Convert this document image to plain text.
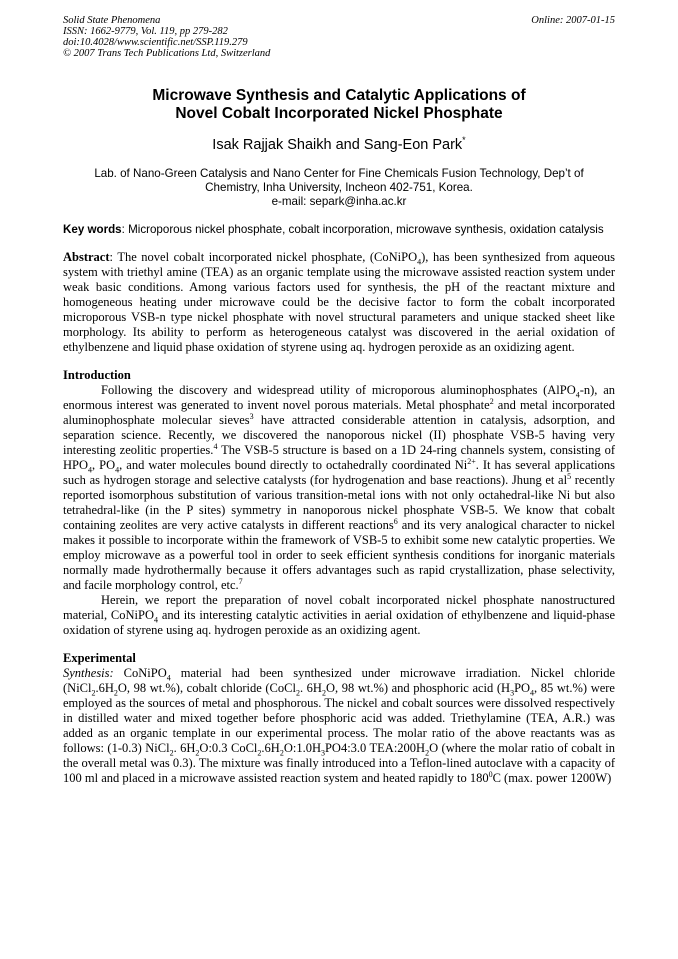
Solid State Phenomena
ISSN: 1662-9779, Vol. 119, pp 279-282
doi:10.4028/www.scientific.net/SSP.119.279
© 2007 Trans Tech Publications Ltd, Switzerland
Online: 2007-01-15
Microwave Synthesis and Catalytic Applications of
Novel Cobalt Incorporated Nickel Phosphate
Isak Rajjak Shaikh and Sang-Eon Park*
Lab. of Nano-Green Catalysis and Nano Center for Fine Chemicals Fusion Technology, Dep’t of
Chemistry, Inha University, Incheon 402-751, Korea.
e-mail: separk@inha.ac.kr
Key words: Microporous nickel phosphate, cobalt incorporation, microwave synthesis, oxidation catalysis
Abstract: The novel cobalt incorporated nickel phosphate, (CoNiPO$_4$), has been synthesized from aqueous system with triethyl amine (TEA) as an organic template using the microwave assisted reaction system under weak basic conditions. Among various factors used for synthesis, the pH of the reactant mixture and homogeneous heating under microwave could be the decisive factor to form the cobalt incorporated microporous VSB-n type nickel phosphate with novel structural parameters and unique stacked sheet like morphology. Its ability to perform as heterogeneous catalyst was discovered in the aerial oxidation of ethylbenzene and liquid phase oxidation of styrene using aq. hydrogen peroxide as an oxidizing agent.
Introduction

Following the discovery and widespread utility of microporous aluminophosphates (AlPO$_4$-n), an enormous interest was generated to invent novel porous materials. Metal phosphate$^2$ and metal incorporated aluminophosphate molecular sieves$^3$ have attracted considerable attention in catalysis, adsorption, and separation science. Recently, we discovered the nanoporous nickel (II) phosphate VSB-5 having very interesting zeolitic properties.$^4$ The VSB-5 structure is based on a 1D 24-ring channels system, consisting of $HPO_4$, $PO_4$, and water molecules bound directly to octahedrally coordinated $Ni^{2+}$. It has several applications such as hydrogen storage and selective catalysts (for hydrogenation and base reactions). Jhung et $al^5$ recently reported isomorphous substitution of various transition-metal ions with not only octahedral-like Ni but also tetrahedral-like (in the P sites) symmetry in nanoporous nickel phosphate VSB-5. We know that cobalt containing zeolites are very active catalysts in different reactions$^6$ and its very analogical character to nickel makes it possible to incorporate within the framework of VSB-5 to exhibit some new catalytic properties. We employ microwave as a powerful tool in order to seek efficient synthesis conditions for inorganic materials normally made hydrothermally because it offers advantages such as rapid crystallization, phase selectivity, and facile morphology control, etc.$^7$

Herein, we report the preparation of novel cobalt incorporated nickel phosphate nanostructured material, CoNiPO$_4$ and its interesting catalytic activities in aerial oxidation of ethylbenzene and liquid-phase oxidation of styrene using aq. hydrogen peroxide as an oxidizing agent.

Experimental

Synthesis: CoNiPO$_4$ material had been synthesized under microwave irradiation. Nickel chloride ($NiCl_2.6H_2O$, 98 wt.%), cobalt chloride (CoCl$_2$. $6H_2O$, 98 wt.%) and phosphoric acid ($H_3PO_4$, 85 wt.%) were employed as the sources of metal and phosphorous. The nickel and cobalt sources were dissolved respectively in distilled water and mixed together before phosphoric acid was added. Triethylamine (TEA, A.R.) was added as an organic template in our experimental process. The molar ratio of the above reactants was as follows: (1-0.3) NiCl$_2$. $6H_2O:0.3$ $CoCl_2.6H_2O:1.0H_3PO4:3.0$ $TEA:200H_2O$ (where the molar ratio of cobalt in the overall metal was 0.3). The mixture was finally introduced into a Teflon-lined autoclave with a capacity of 100 ml and placed in a microwave assisted reaction system and heated rapidly to $180^0C$ (max. power 1200W)
